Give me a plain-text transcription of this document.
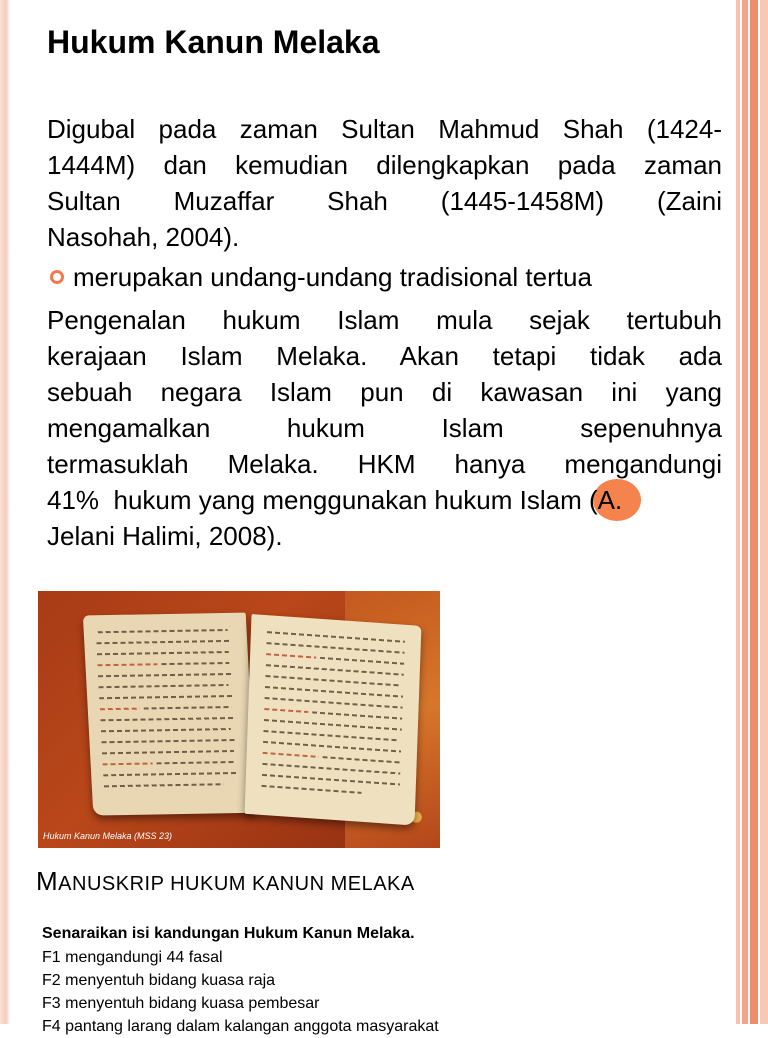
Hukum Kanun Melaka
Digubal pada zaman Sultan Mahmud Shah (1424-
1444M) dan kemudian dilengkapkan pada zaman
Sultan Muzaffar Shah (1445-1458M) (Zaini
Nasohah, 2004).
merupakan undang-undang tradisional tertua
Pengenalan hukum Islam mula sejak tertubuh
kerajaan Islam Melaka. Akan tetapi tidak ada
sebuah negara Islam pun di kawasan ini yang
mengamalkan hukum Islam sepenuhnya
termasuklah Melaka. HKM hanya mengandungi
41%  hukum yang menggunakan hukum Islam (A.
Jelani Halimi, 2008).
Hukum Kanun Melaka (MSS 23)
MANUSKRIP HUKUM KANUN MELAKA
Senaraikan isi kandungan Hukum Kanun Melaka.
F1 mengandungi 44 fasal
F2 menyentuh bidang kuasa raja
F3 menyentuh bidang kuasa pembesar
F4 pantang larang dalam kalangan anggota masyarakat
